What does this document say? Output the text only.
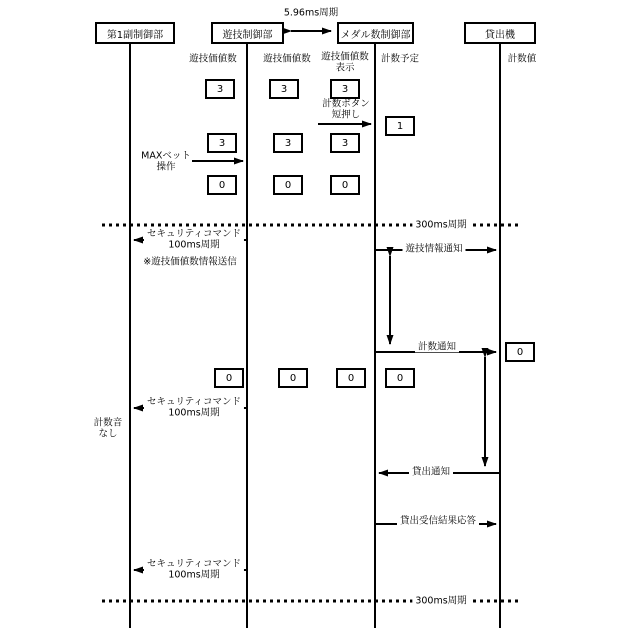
第1副制御部	遊技制御部	メダル数制御部	貸出機
5.96ms周期
遊技価値数	遊技価値数 遊技価値数
表示
計数予定	計数値
3	3	3
計数ボタン
短押し
1
3	3	3
MAXベット
操作
0	0	0
300ms周期
セキュリティコマンド
100ms周期
※遊技価値数情報送信
遊技情報通知
計数通知	0
0	0	0	0
セキュリティコマンド
100ms周期
計数音
なし
貸出通知
貸出受信結果応答
セキュリティコマンド
100ms周期
300ms周期
